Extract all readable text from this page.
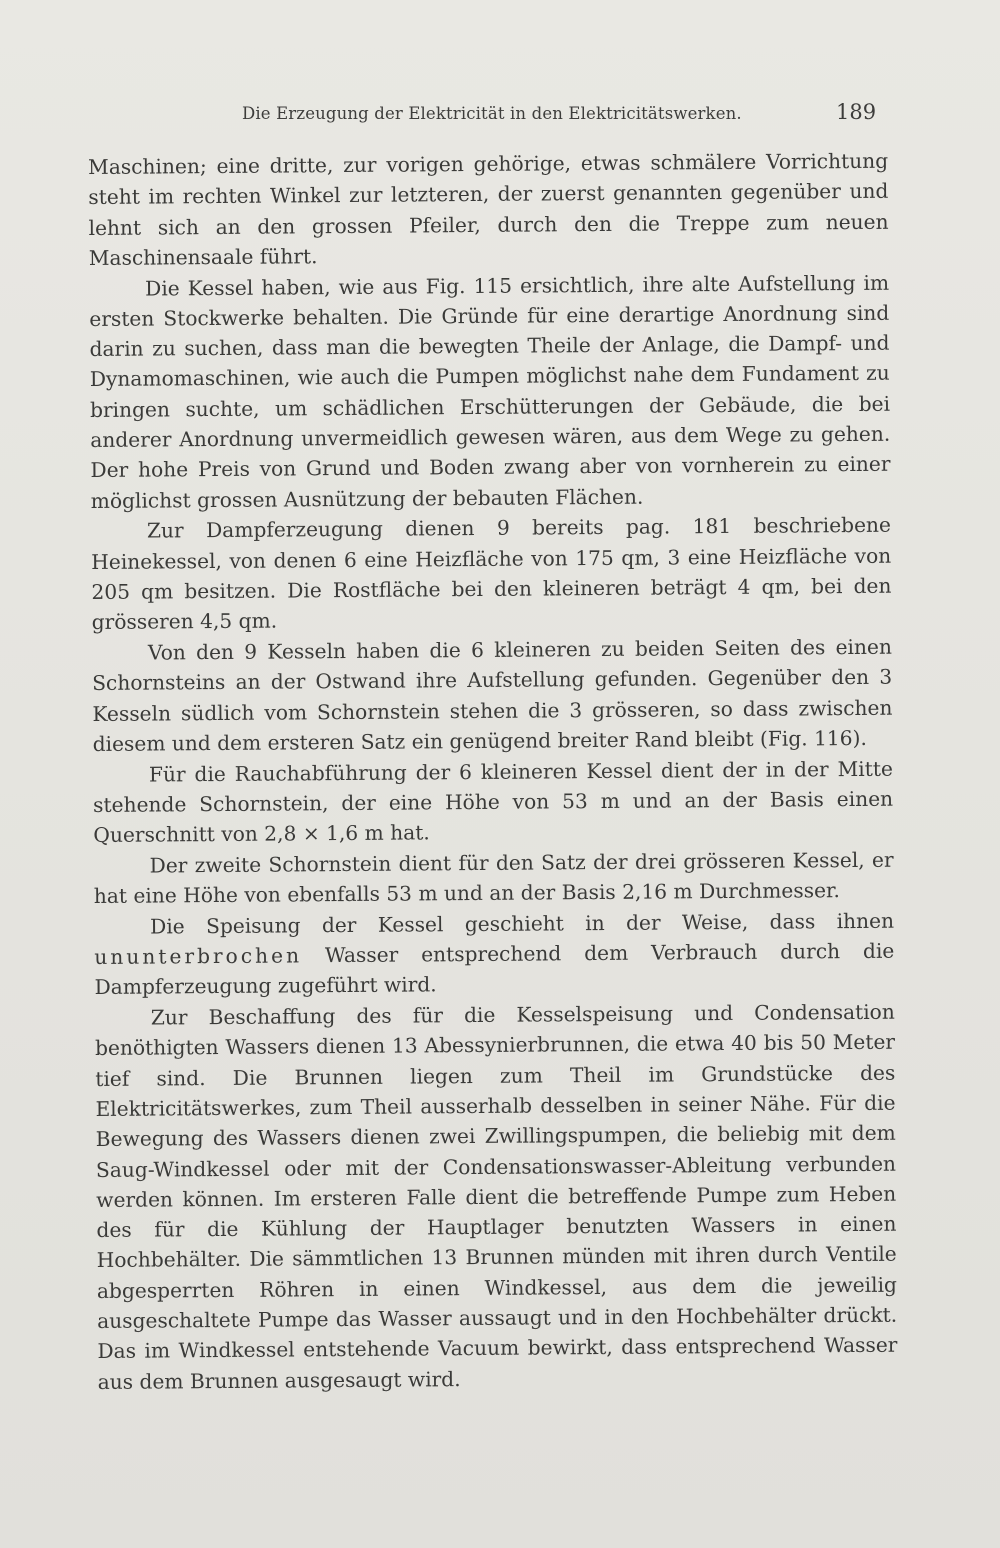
Die Erzeugung der Elektricität in den Elektricitätswerken.	189

Maschinen; eine dritte, zur vorigen gehörige, etwas schmälere Vorrichtung steht im rechten Winkel zur letzteren, der zuerst genannten gegenüber und lehnt sich an den grossen Pfeiler, durch den die Treppe zum neuen Maschinensaale führt.

Die Kessel haben, wie aus Fig. 115 ersichtlich, ihre alte Aufstellung im ersten Stockwerke behalten. Die Gründe für eine derartige Anordnung sind darin zu suchen, dass man die bewegten Theile der Anlage, die Dampf- und Dynamomaschinen, wie auch die Pumpen möglichst nahe dem Fundament zu bringen suchte, um schädlichen Erschütterungen der Gebäude, die bei anderer Anordnung unvermeidlich gewesen wären, aus dem Wege zu gehen. Der hohe Preis von Grund und Boden zwang aber von vornherein zu einer möglichst grossen Ausnützung der bebauten Flächen.

Zur Dampferzeugung dienen 9 bereits pag. 181 beschriebene Heinekessel, von denen 6 eine Heizfläche von 175 qm, 3 eine Heizfläche von 205 qm besitzen. Die Rostfläche bei den kleineren beträgt 4 qm, bei den grösseren 4,5 qm.

Von den 9 Kesseln haben die 6 kleineren zu beiden Seiten des einen Schornsteins an der Ostwand ihre Aufstellung gefunden. Gegenüber den 3 Kesseln südlich vom Schornstein stehen die 3 grösseren, so dass zwischen diesem und dem ersteren Satz ein genügend breiter Rand bleibt (Fig. 116).

Für die Rauchabführung der 6 kleineren Kessel dient der in der Mitte stehende Schornstein, der eine Höhe von 53 m und an der Basis einen Querschnitt von 2,8 × 1,6 m hat.

Der zweite Schornstein dient für den Satz der drei grösseren Kessel, er hat eine Höhe von ebenfalls 53 m und an der Basis 2,16 m Durchmesser.

Die Speisung der Kessel geschieht in der Weise, dass ihnen ununterbrochen Wasser entsprechend dem Verbrauch durch die Dampferzeugung zugeführt wird.

Zur Beschaffung des für die Kesselspeisung und Condensation benöthigten Wassers dienen 13 Abessynierbrunnen, die etwa 40 bis 50 Meter tief sind. Die Brunnen liegen zum Theil im Grundstücke des Elektricitätswerkes, zum Theil ausserhalb desselben in seiner Nähe. Für die Bewegung des Wassers dienen zwei Zwillingspumpen, die beliebig mit dem Saug-Windkessel oder mit der Condensationswasser-Ableitung verbunden werden können. Im ersteren Falle dient die betreffende Pumpe zum Heben des für die Kühlung der Hauptlager benutzten Wassers in einen Hochbehälter. Die sämmtlichen 13 Brunnen münden mit ihren durch Ventile abgesperrten Röhren in einen Windkessel, aus dem die jeweilig ausgeschaltete Pumpe das Wasser aussaugt und in den Hochbehälter drückt. Das im Windkessel entstehende Vacuum bewirkt, dass entsprechend Wasser aus dem Brunnen ausgesaugt wird.
